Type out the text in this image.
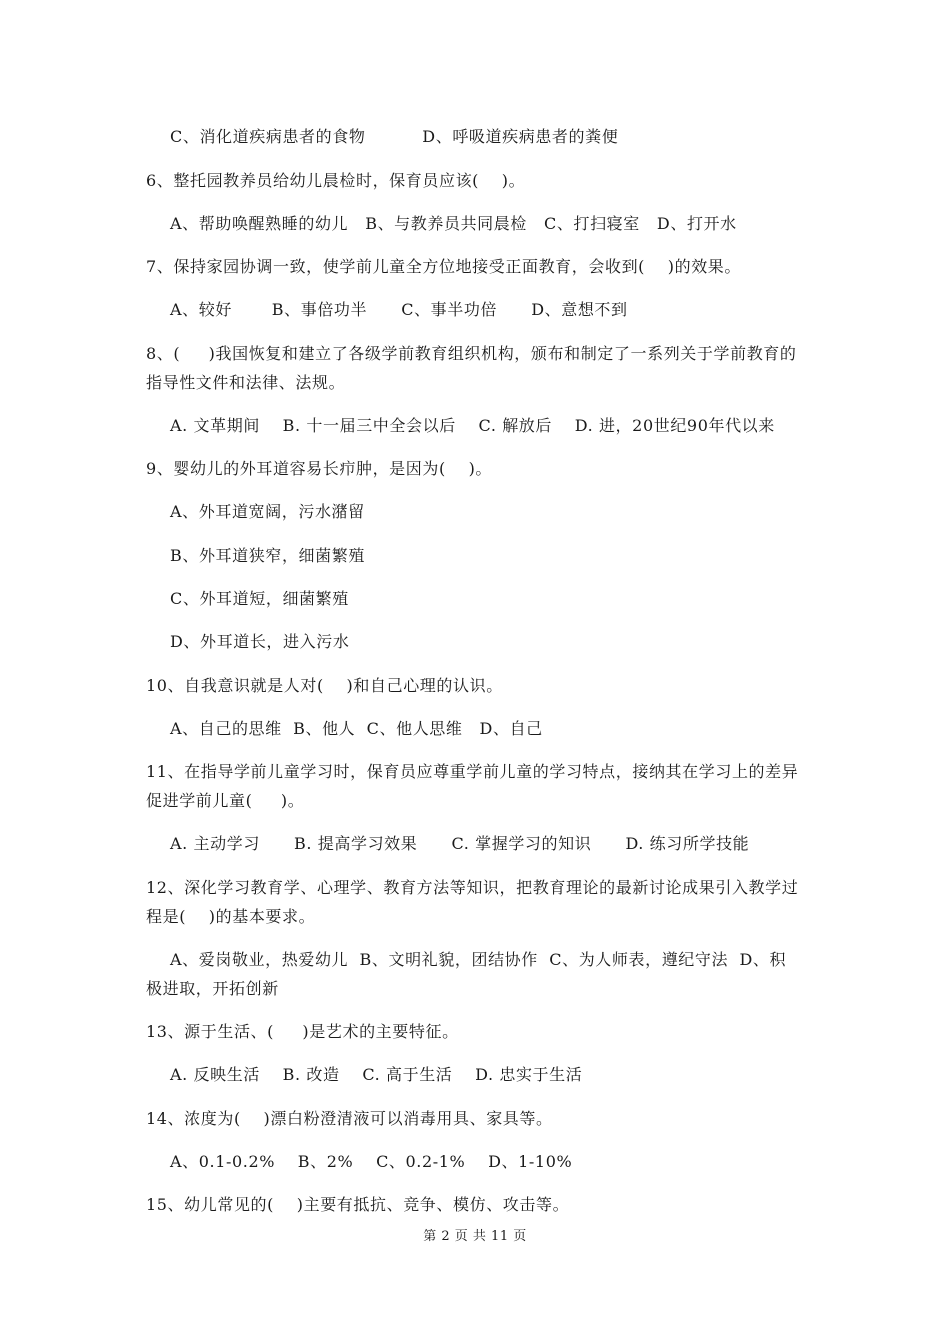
C、消化道疾病患者的食物          D、呼吸道疾病患者的粪便
6、整托园教养员给幼儿晨检时，保育员应该(    )。
A、帮助唤醒熟睡的幼儿   B、与教养员共同晨检   C、打扫寝室   D、打开水
7、保持家园协调一致，使学前儿童全方位地接受正面教育，会收到(    )的效果。
A、较好       B、事倍功半      C、事半功倍      D、意想不到
8、(     )我国恢复和建立了各级学前教育组织机构，颁布和制定了一系列关于学前教育的
指导性文件和法律、法规。
A. 文革期间    B. 十一届三中全会以后    C. 解放后    D. 进，20世纪90年代以来
9、婴幼儿的外耳道容易长疖肿，是因为(    )。
A、外耳道宽阔，污水潴留
B、外耳道狭窄，细菌繁殖
C、外耳道短，细菌繁殖
D、外耳道长，进入污水
10、自我意识就是人对(    )和自己心理的认识。
A、自己的思维  B、他人  C、他人思维   D、自己
11、在指导学前儿童学习时，保育员应尊重学前儿童的学习特点，接纳其在学习上的差异
促进学前儿童(     )。
A. 主动学习      B. 提高学习效果      C. 掌握学习的知识      D. 练习所学技能
12、深化学习教育学、心理学、教育方法等知识，把教育理论的最新讨论成果引入教学过
程是(    )的基本要求。
A、爱岗敬业，热爱幼儿  B、文明礼貌，团结协作  C、为人师表，遵纪守法  D、积
极进取，开拓创新
13、源于生活、(     )是艺术的主要特征。
A. 反映生活    B. 改造    C. 高于生活    D. 忠实于生活
14、浓度为(    )漂白粉澄清液可以消毒用具、家具等。
A、0.1-0.2%    B、2%    C、0.2-1%    D、1-10%
15、幼儿常见的(    )主要有抵抗、竞争、模仿、攻击等。
第 2 页 共 11 页
